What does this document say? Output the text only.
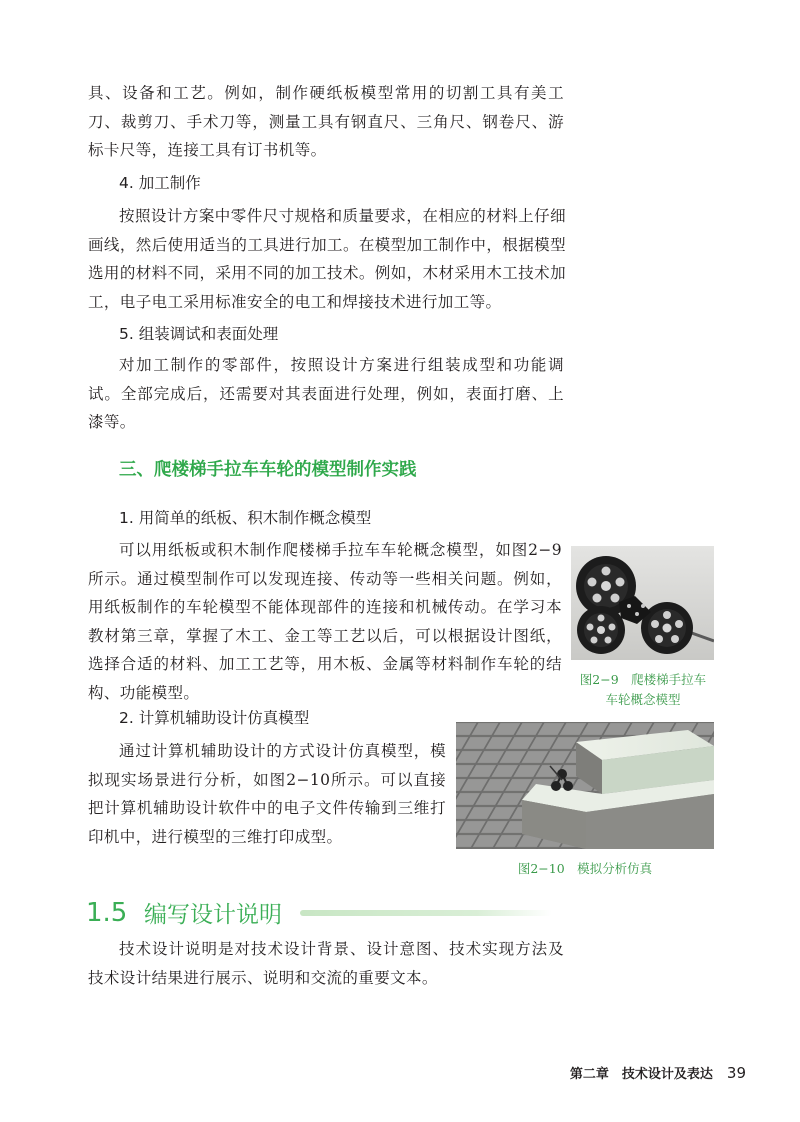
具、设备和工艺。例如，制作硬纸板模型常用的切割工具有美工刀、裁剪刀、手术刀等，测量工具有钢直尺、三角尺、钢卷尺、游标卡尺等，连接工具有订书机等。

4. 加工制作

按照设计方案中零件尺寸规格和质量要求，在相应的材料上仔细画线，然后使用适当的工具进行加工。在模型加工制作中，根据模型选用的材料不同，采用不同的加工技术。例如，木材采用木工技术加工，电子电工采用标准安全的电工和焊接技术进行加工等。

5. 组装调试和表面处理

对加工制作的零部件，按照设计方案进行组装成型和功能调试。全部完成后，还需要对其表面进行处理，例如，表面打磨、上漆等。

三、爬楼梯手拉车车轮的模型制作实践
1. 用简单的纸板、积木制作概念模型

可以用纸板或积木制作爬楼梯手拉车车轮概念模型，如图2−9所示。通过模型制作可以发现连接、传动等一些相关问题。例如，用纸板制作的车轮模型不能体现部件的连接和机械传动。在学习本教材第三章，掌握了木工、金工等工艺以后，可以根据设计图纸，选择合适的材料、加工工艺等，用木板、金属等材料制作车轮的结构、功能模型。

图2−9　爬楼梯手拉车
车轮概念模型
2. 计算机辅助设计仿真模型

通过计算机辅助设计的方式设计仿真模型，模拟现实场景进行分析，如图2−10所示。可以直接把计算机辅助设计软件中的电子文件传输到三维打印机中，进行模型的三维打印成型。

图2−10　模拟分析仿真
1.5 编写设计说明

技术设计说明是对技术设计背景、设计意图、技术实现方法及技术设计结果进行展示、说明和交流的重要文本。

第二章　技术设计及表达 39
